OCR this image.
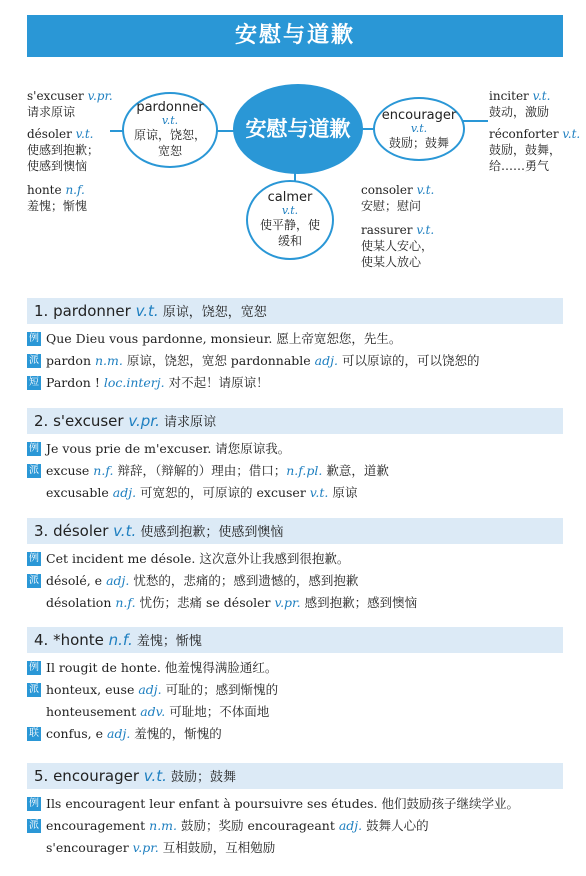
安慰与道歉
安慰与道歉
pardonner
v.t.
原谅，饶恕，
宽恕
encourager
v.t.
鼓励；鼓舞
calmer
v.t.
使平静，使
缓和
s'excuser v.pr.
请求原谅
désoler v.t.
使感到抱歉；
使感到懊恼
honte n.f.
羞愧；惭愧
inciter v.t.
鼓动，激励
réconforter v.t.
鼓励，鼓舞，
给……勇气
consoler v.t.
安慰；慰问
rassurer v.t.
使某人安心，
使某人放心
1. pardonner v.t. 原谅，饶恕，宽恕
例 Que Dieu vous pardonne, monsieur. 愿上帝宽恕您，先生。
派 pardon n.m. 原谅，饶恕，宽恕 pardonnable adj. 可以原谅的，可以饶恕的
短 Pardon ! loc.interj. 对不起！请原谅！
2. s'excuser v.pr. 请求原谅
例 Je vous prie de m'excuser. 请您原谅我。
派 excuse n.f. 辩辞，（辩解的）理由；借口；n.f.pl. 歉意，道歉
excusable adj. 可宽恕的，可原谅的 excuser v.t. 原谅
3. désoler v.t. 使感到抱歉；使感到懊恼
例 Cet incident me désole. 这次意外让我感到很抱歉。
派 désolé, e adj. 忧愁的，悲痛的；感到遗憾的，感到抱歉
désolation n.f. 忧伤；悲痛 se désoler v.pr. 感到抱歉；感到懊恼
4. *honte n.f. 羞愧；惭愧
例 Il rougit de honte. 他羞愧得满脸通红。
派 honteux, euse adj. 可耻的；感到惭愧的
honteusement adv. 可耻地；不体面地
联 confus, e adj. 羞愧的，惭愧的
5. encourager v.t. 鼓励；鼓舞
例 Ils encouragent leur enfant à poursuivre ses études. 他们鼓励孩子继续学业。
派 encouragement n.m. 鼓励；奖励 encourageant adj. 鼓舞人心的
s'encourager v.pr. 互相鼓励，互相勉励
